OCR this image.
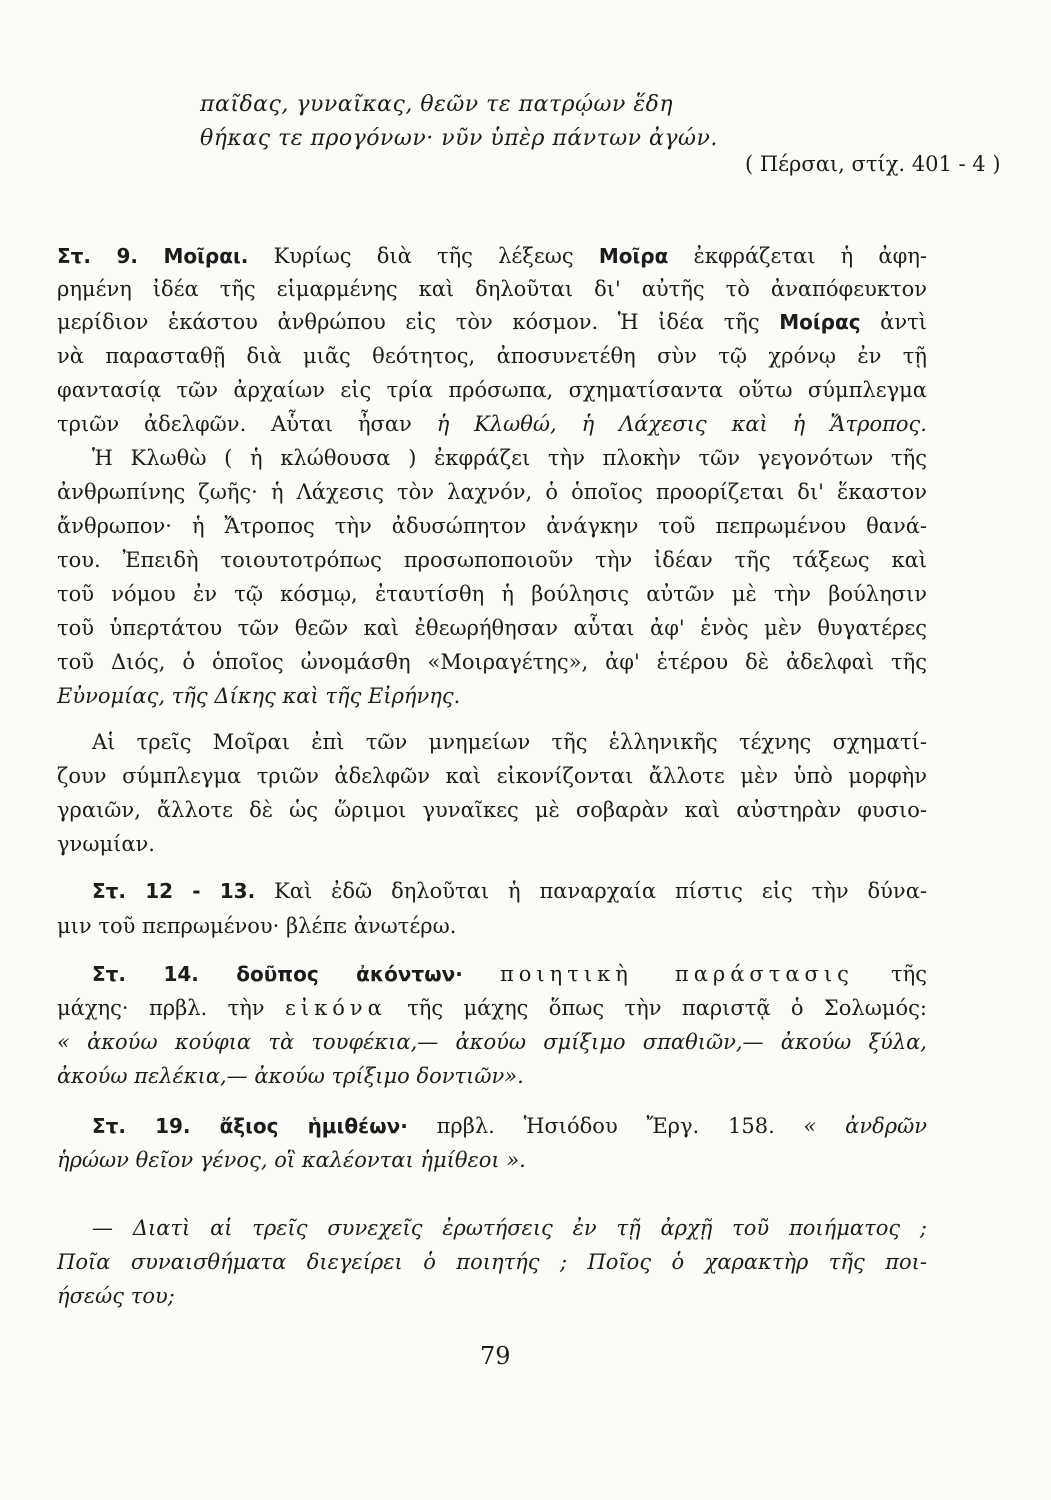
παῖδας, γυναῖκας, θεῶν τε πατρῴων ἕδη
θήκας τε προγόνων· νῦν ὑπὲρ πάντων ἀγών.
( Πέρσαι, στίχ. 401 - 4 )
Στ. 9. Μοῖραι. Κυρίως διὰ τῆς λέξεως Μοῖρα ἐκφράζεται ἡ ἀφη-
ρημένη ἰδέα τῆς εἱμαρμένης καὶ δηλοῦται δι' αὐτῆς τὸ ἀναπόφευκτον
μερίδιον ἑκάστου ἀνθρώπου εἰς τὸν κόσμον. Ἡ ἰδέα τῆς Μοίρας ἀντὶ
νὰ παρασταθῇ διὰ μιᾶς θεότητος, ἀποσυνετέθη σὺν τῷ χρόνῳ ἐν τῇ
φαντασίᾳ τῶν ἀρχαίων εἰς τρία πρόσωπα, σχηματίσαντα οὕτω σύμπλεγμα
τριῶν ἀδελφῶν. Αὗται ἦσαν ἡ Κλωθώ, ἡ Λάχεσις καὶ ἡ Ἄτροπος.
Ἡ Κλωθὼ ( ἡ κλώθουσα ) ἐκφράζει τὴν πλοκὴν τῶν γεγονότων τῆς
ἀνθρωπίνης ζωῆς· ἡ Λάχεσις τὸν λαχνόν, ὁ ὁποῖος προορίζεται δι' ἕκαστον
ἄνθρωπον· ἡ Ἄτροπος τὴν ἀδυσώπητον ἀνάγκην τοῦ πεπρωμένου θανά-
του. Ἐπειδὴ τοιουτοτρόπως προσωποποιοῦν τὴν ἰδέαν τῆς τάξεως καὶ
τοῦ νόμου ἐν τῷ κόσμῳ, ἐταυτίσθη ἡ βούλησις αὐτῶν μὲ τὴν βούλησιν
τοῦ ὑπερτάτου τῶν θεῶν καὶ ἐθεωρήθησαν αὗται ἀφ' ἑνὸς μὲν θυγατέρες
τοῦ Διός, ὁ ὁποῖος ὠνομάσθη «Μοιραγέτης», ἀφ' ἑτέρου δὲ ἀδελφαὶ τῆς
Εὐνομίας, τῆς Δίκης καὶ τῆς Εἰρήνης.
Αἱ τρεῖς Μοῖραι ἐπὶ τῶν μνημείων τῆς ἑλληνικῆς τέχνης σχηματί-
ζουν σύμπλεγμα τριῶν ἀδελφῶν καὶ εἰκονίζονται ἄλλοτε μὲν ὑπὸ μορφὴν
γραιῶν, ἄλλοτε δὲ ὡς ὥριμοι γυναῖκες μὲ σοβαρὰν καὶ αὐστηρὰν φυσιο-
γνωμίαν.
Στ. 12 - 13. Καὶ ἐδῶ δηλοῦται ἡ παναρχαία πίστις εἰς τὴν δύνα-
μιν τοῦ πεπρωμένου· βλέπε ἀνωτέρω.
Στ. 14. δοῦπος ἀκόντων· ποιητικὴ παράστασις τῆς
μάχης· πρβλ. τὴν εἰκόνα τῆς μάχης ὅπως τὴν παριστᾷ ὁ Σολωμός:
« ἀκούω κούφια τὰ τουφέκια,— ἀκούω σμίξιμο σπαθιῶν,— ἀκούω ξύλα,
ἀκούω πελέκια,— ἀκούω τρίξιμο δοντιῶν».
Στ. 19. ἄξιος ἡμιθέων· πρβλ. Ἡσιόδου Ἔργ. 158. « ἀνδρῶν
ἡρώων θεῖον γένος, οἳ καλέονται ἡμίθεοι ».
— Διατὶ αἱ τρεῖς συνεχεῖς ἐρωτήσεις ἐν τῇ ἀρχῇ τοῦ ποιήματος ;
Ποῖα συναισθήματα διεγείρει ὁ ποιητής ; Ποῖος ὁ χαρακτὴρ τῆς ποι-
ήσεώς του;
79
